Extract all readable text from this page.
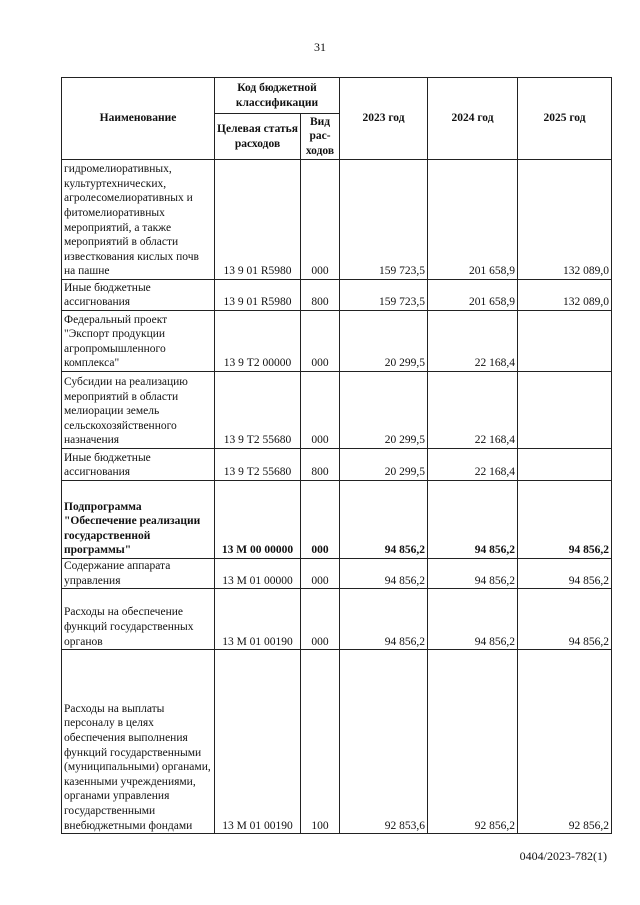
31
Наименование	Код бюджетной классификации		2023 год	2024 год	2025 год
	Целевая статья расходов	Вид рас-ходов			
гидромелиоративных, культуртехнических, агролесомелиоративных и фитомелиоративных мероприятий, а также мероприятий в области известкования кислых почв на пашне	13 9 01 R5980	000	159 723,5	201 658,9	132 089,0
Иные бюджетные ассигнования	13 9 01 R5980	800	159 723,5	201 658,9	132 089,0
Федеральный проект "Экспорт продукции агропромышленного комплекса"	13 9 Т2 00000	000	20 299,5	22 168,4	
Субсидии на реализацию мероприятий в области мелиорации земель сельскохозяйственного назначения	13 9 Т2 55680	000	20 299,5	22 168,4	
Иные бюджетные ассигнования	13 9 Т2 55680	800	20 299,5	22 168,4	
Подпрограмма "Обеспечение реализации государственной программы"	13 М 00 00000	000	94 856,2	94 856,2	94 856,2
Содержание аппарата управления	13 М 01 00000	000	94 856,2	94 856,2	94 856,2
Расходы на обеспечение функций государственных органов	13 М 01 00190	000	94 856,2	94 856,2	94 856,2
Расходы на выплаты персоналу в целях обеспечения выполнения функций государственными (муниципальными) органами, казенными учреждениями, органами управления государственными внебюджетными фондами	13 М 01 00190	100	92 853,6	92 856,2	92 856,2
0404/2023-782(1)
